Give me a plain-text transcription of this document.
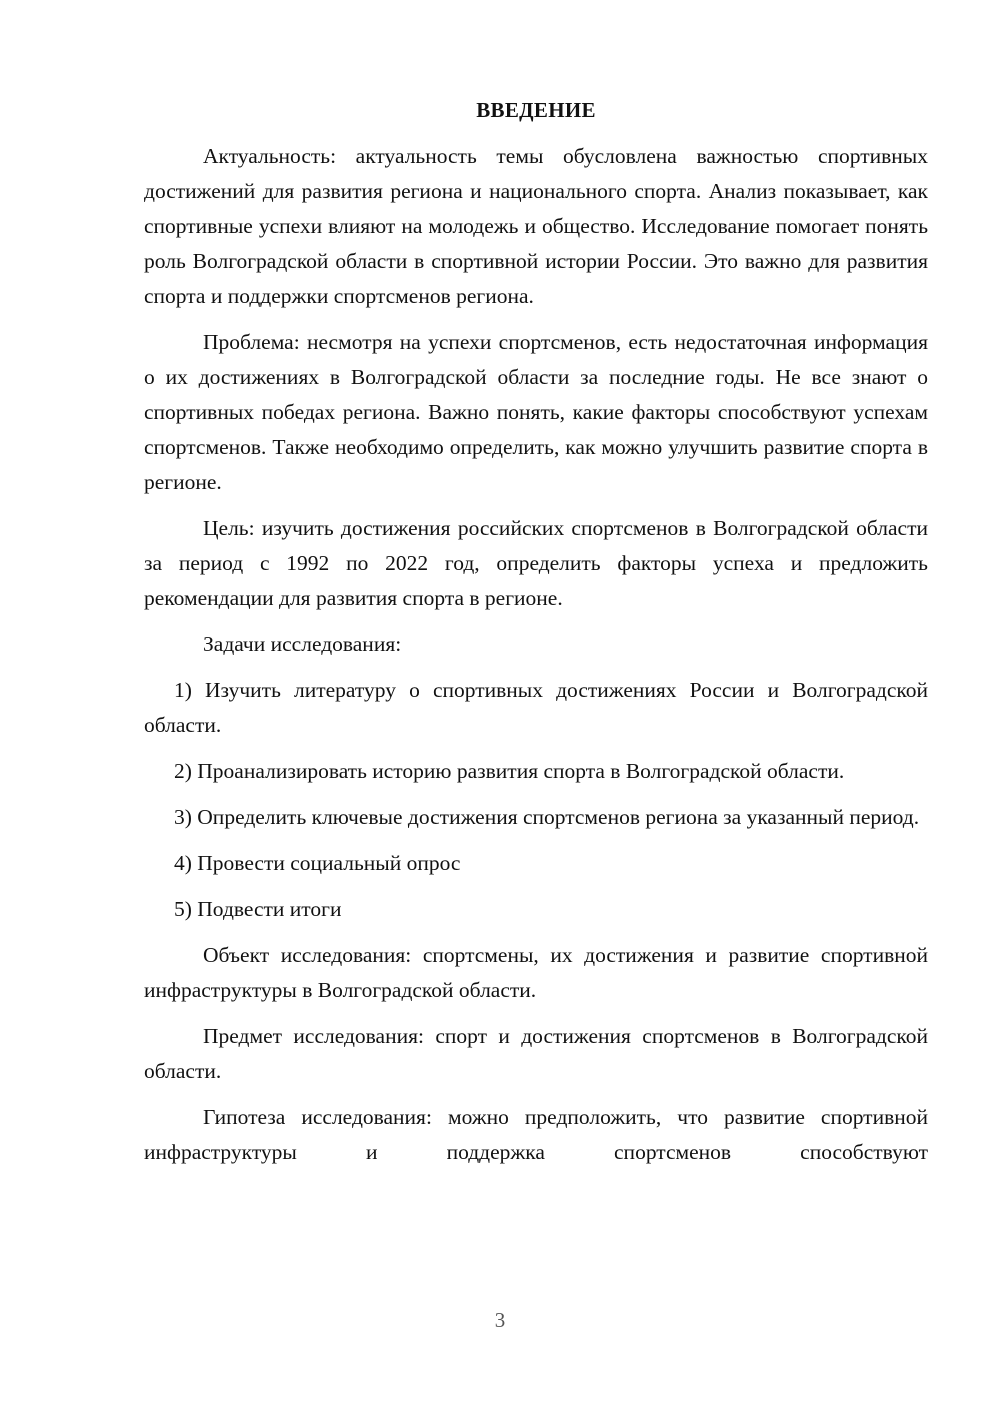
ВВЕДЕНИЕ

Актуальность: актуальность темы обусловлена важностью спортивных достижений для развития региона и национального спорта. Анализ показывает, как спортивные успехи влияют на молодежь и общество. Исследование помогает понять роль Волгоградской области в спортивной истории России. Это важно для развития спорта и поддержки спортсменов региона.

Проблема: несмотря на успехи спортсменов, есть недостаточная информация о их достижениях в Волгоградской области за последние годы. Не все знают о спортивных победах региона. Важно понять, какие факторы способствуют успехам спортсменов. Также необходимо определить, как можно улучшить развитие спорта в регионе.

Цель: изучить достижения российских спортсменов в Волгоградской области за период с 1992 по 2022 год, определить факторы успеха и предложить рекомендации для развития спорта в регионе.

Задачи исследования:

1) Изучить литературу о спортивных достижениях России и Волгоградской области.

2) Проанализировать историю развития спорта в Волгоградской области.

3) Определить ключевые достижения спортсменов региона за указанный период.

4) Провести социальный опрос

5) Подвести итоги

Объект исследования: спортсмены, их достижения и развитие спортивной инфраструктуры в Волгоградской области.

Предмет исследования: спорт и достижения спортсменов в Волгоградской области.

Гипотеза исследования: можно предположить, что развитие спортивной инфраструктуры и поддержка спортсменов способствуют

3
